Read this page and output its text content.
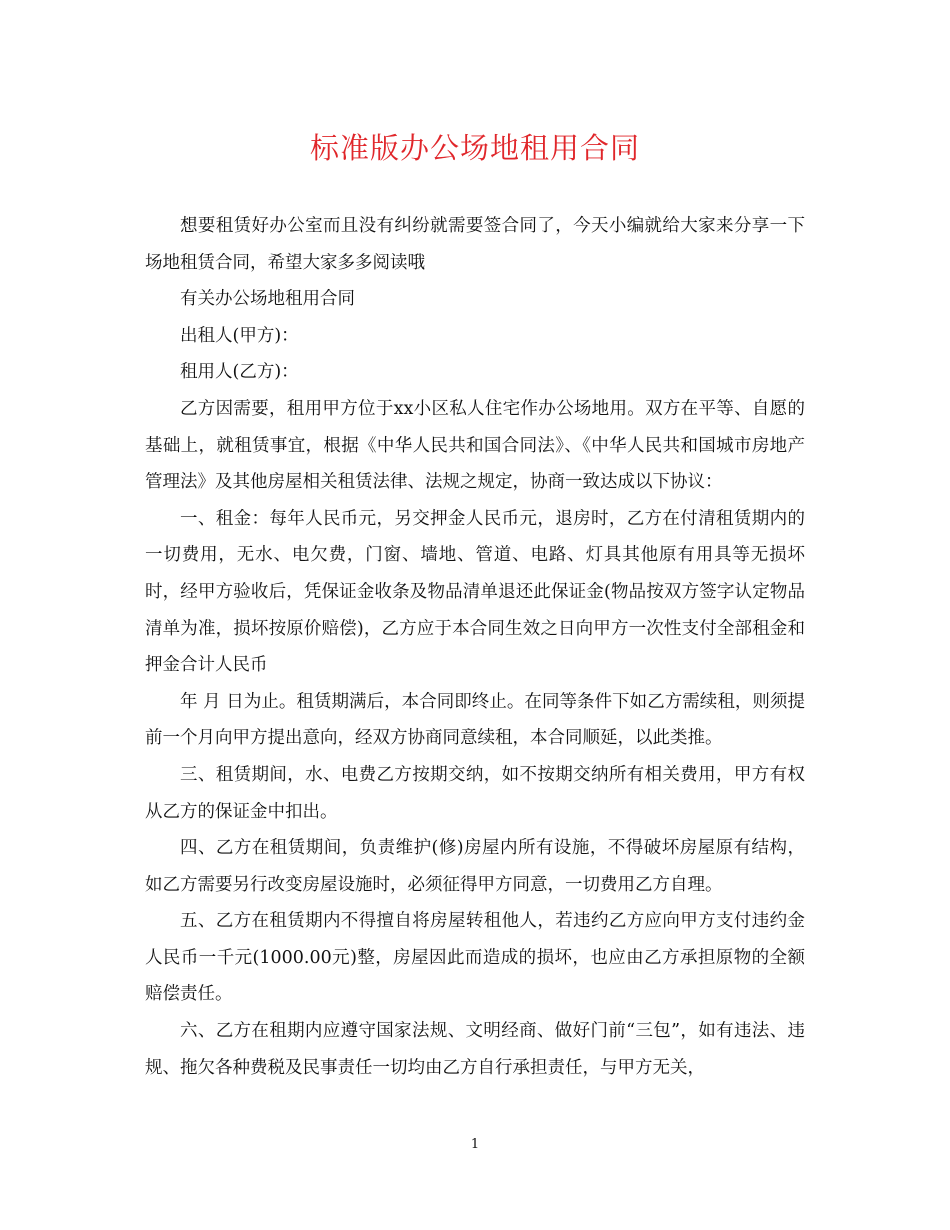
标准版办公场地租用合同

想要租赁好办公室而且没有纠纷就需要签合同了，今天小编就给大家来分享一下场地租赁合同，希望大家多多阅读哦

有关办公场地租用合同

出租人(甲方)：

租用人(乙方)：

乙方因需要，租用甲方位于xx小区私人住宅作办公场地用。双方在平等、自愿的基础上，就租赁事宜，根据《中华人民共和国合同法》、《中华人民共和国城市房地产管理法》及其他房屋相关租赁法律、法规之规定，协商一致达成以下协议：

一、租金：每年人民币元，另交押金人民币元，退房时，乙方在付清租赁期内的一切费用，无水、电欠费，门窗、墙地、管道、电路、灯具其他原有用具等无损坏时，经甲方验收后，凭保证金收条及物品清单退还此保证金(物品按双方签字认定物品清单为准，损坏按原价赔偿)，乙方应于本合同生效之日向甲方一次性支付全部租金和押金合计人民币

年 月 日为止。租赁期满后，本合同即终止。在同等条件下如乙方需续租，则须提前一个月向甲方提出意向，经双方协商同意续租，本合同顺延，以此类推。

三、租赁期间，水、电费乙方按期交纳，如不按期交纳所有相关费用，甲方有权从乙方的保证金中扣出。

四、乙方在租赁期间，负责维护(修)房屋内所有设施，不得破坏房屋原有结构，如乙方需要另行改变房屋设施时，必须征得甲方同意，一切费用乙方自理。

五、乙方在租赁期内不得擅自将房屋转租他人，若违约乙方应向甲方支付违约金人民币一千元(1000.00元)整，房屋因此而造成的损坏，也应由乙方承担原物的全额赔偿责任。

六、乙方在租期内应遵守国家法规、文明经商、做好门前“三包”，如有违法、违规、拖欠各种费税及民事责任一切均由乙方自行承担责任，与甲方无关，

1
